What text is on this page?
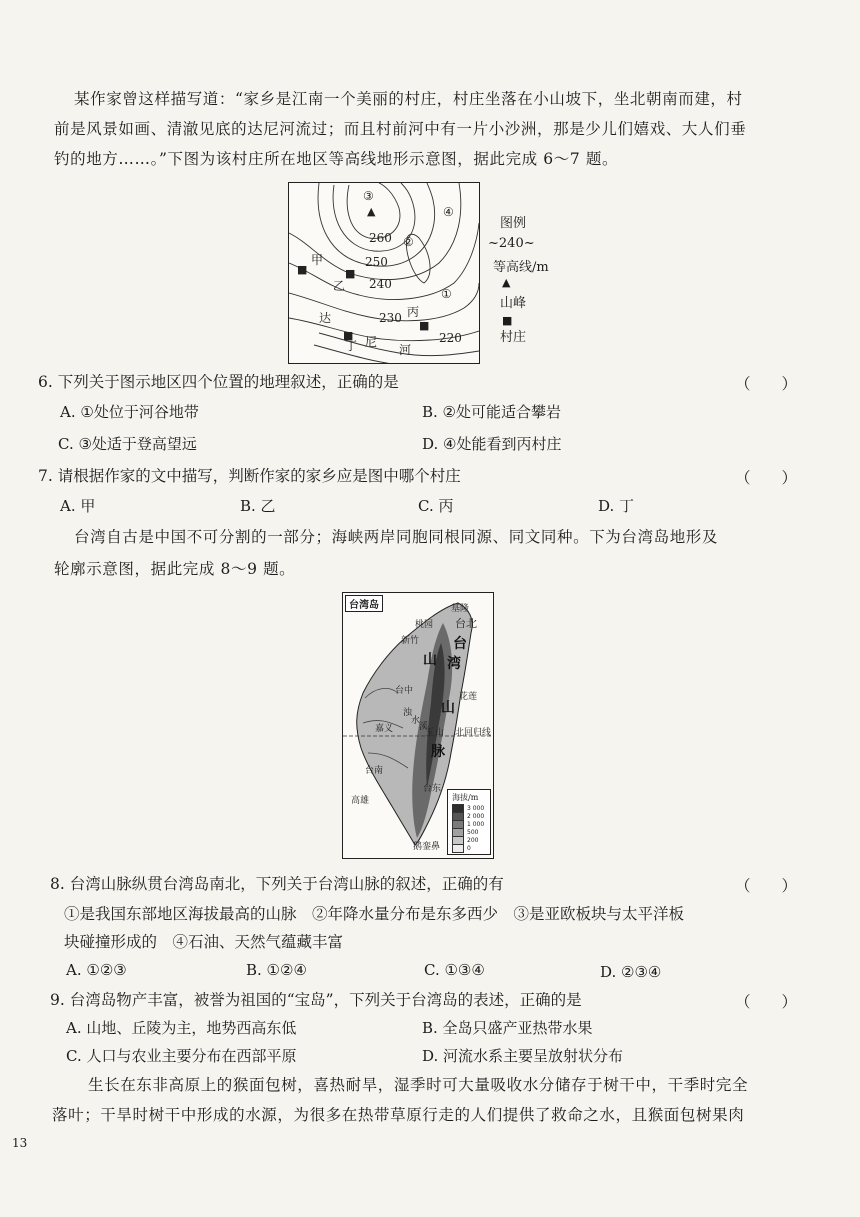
某作家曾这样描写道：“家乡是江南一个美丽的村庄，村庄坐落在小山坡下，坐北朝南而建，村
前是风景如画、清澈见底的达尼河流过；而且村前河中有一片小沙洲，那是少儿们嬉戏、大人们垂
钓的地方……。”下图为该村庄所在地区等高线地形示意图，据此完成 6～7 题。
③
▲	④
260 ②
甲
■
250
■
乙 240
①
丙
达	230
■
■
丁 尼
河
220
图例
~240~
等高线/m
▲
山峰
■
村庄
6. 下列关于图示地区四个位置的地理叙述，正确的是	（　　）
A. ①处位于河谷地带	B. ②处可能适合攀岩
C. ③处适于登高望远	D. ④处能看到丙村庄
7. 请根据作家的文中描写，判断作家的家乡应是图中哪个村庄	（　　）
A. 甲	B. 乙	C. 丙	D. 丁
台湾自古是中国不可分割的一部分；海峡两岸同胞同根同源、同文同种。下为台湾岛地形及
轮廓示意图，据此完成 8～9 题。
台湾岛	基隆
台北
桃园
新竹 台
湾
山
台中
花莲
山
浊
水
溪
嘉义	玉 山 北回归线
脉
台南
台东
高雄
鹅銮鼻
海拔/m
3 000
2 000
1 000
500
200
0
8. 台湾山脉纵贯台湾岛南北，下列关于台湾山脉的叙述，正确的有	（　　）
①是我国东部地区海拔最高的山脉　②年降水量分布是东多西少　③是亚欧板块与太平洋板
块碰撞形成的　④石油、天然气蕴藏丰富
A. ①②③	B. ①②④	C. ①③④	D. ②③④
9. 台湾岛物产丰富，被誉为祖国的“宝岛”，下列关于台湾岛的表述，正确的是	（　　）
A. 山地、丘陵为主，地势西高东低	B. 全岛只盛产亚热带水果
C. 人口与农业主要分布在西部平原	D. 河流水系主要呈放射状分布
生长在东非高原上的猴面包树，喜热耐旱，湿季时可大量吸收水分储存于树干中，干季时完全
落叶；干旱时树干中形成的水源，为很多在热带草原行走的人们提供了救命之水，且猴面包树果肉
13
